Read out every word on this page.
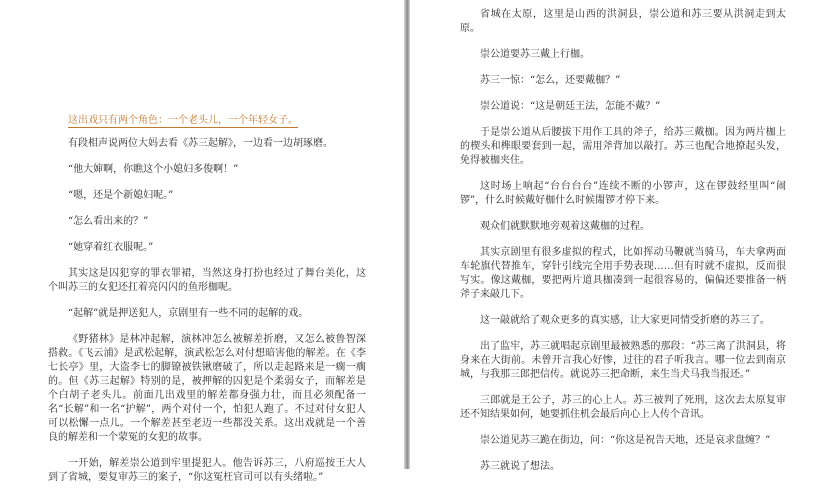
这出戏只有两个角色：一个老头儿，一个年轻女子。

有段相声说两位大妈去看《苏三起解》，一边看一边胡琢磨。

“他大婶啊，你瞧这个小媳妇多俊啊！”

“嗯，还是个新媳妇呢。”

“怎么看出来的？”

“她穿着红衣服呢。”

其实这是囚犯穿的罪衣罪裙，当然这身打扮也经过了舞台美化，这个叫苏三的女犯还扛着亮闪闪的鱼形枷呢。

“起解”就是押送犯人，京剧里有一些不同的起解的戏。

《野猪林》是林冲起解，演林冲怎么被解差折磨，又怎么被鲁智深搭救。《飞云浦》是武松起解，演武松怎么对付想暗害他的解差。在《李七长亭》里，大盗李七的脚镣被铁锹磨破了，所以走起路来是一瘸一瘸的。但《苏三起解》特别的是，被押解的囚犯是个柔弱女子，而解差是个白胡子老头儿。前面几出戏里的解差都身强力壮，而且必须配备一名“长解”和一名“护解”，两个对付一个，怕犯人跑了。不过对付女犯人可以松懈一点儿。一个解差甚至老迈一些都没关系。这出戏就是一个善良的解差和一个蒙冤的女犯的故事。

一开始，解差崇公道到牢里提犯人。他告诉苏三，八府巡按王大人到了省城，要复审苏三的案子，“你这冤枉官司可以有头绪啦。”

省城在太原，这里是山西的洪洞县，崇公道和苏三要从洪洞走到太原。

崇公道要苏三戴上行枷。

苏三一惊：“怎么，还要戴枷？”

崇公道说：“这是朝廷王法，怎能不戴？”

于是崇公道从后腰拔下用作工具的斧子，给苏三戴枷。因为两片枷上的楔头和榫眼要套到一起，需用斧背加以敲打。苏三也配合地撩起头发，免得被枷夹住。

这时场上响起“台台台台”连续不断的小锣声，这在锣鼓经里叫“闹锣”，什么时候戴好枷什么时候閙锣才停下来。

观众们就默默地旁观着这戴枷的过程。

其实京剧里有很多虚拟的程式，比如挥动马鞭就当骑马，车夫拿两面车轮旗代替推车，穿针引线完全用手势表现……但有时就不虚拟，反而很写实。像这戴枷，要把两片道具枷凑到一起很容易的，偏偏还要推备一柄斧子来敲几下。

这一敲就给了观众更多的真实感，让大家更同情受折磨的苏三了。

出了监牢，苏三就唱起京剧里最被熟悉的那段：“苏三离了洪洞县，将身来在大街前。未曾开言我心好惨，过往的君子听我言。哪一位去到南京城，与我那三郎把信传。就说苏三把命断，来生当犬马我当报还。”

三郎就是王公子，苏三的心上人。苏三被判了死刑，这次去太原复审还不知结果如何，她要抓住机会最后向心上人传个音讯。

崇公道见苏三跪在街边，问：“你这是祝告天地，还是哀求盘缠？”

苏三就说了想法。
